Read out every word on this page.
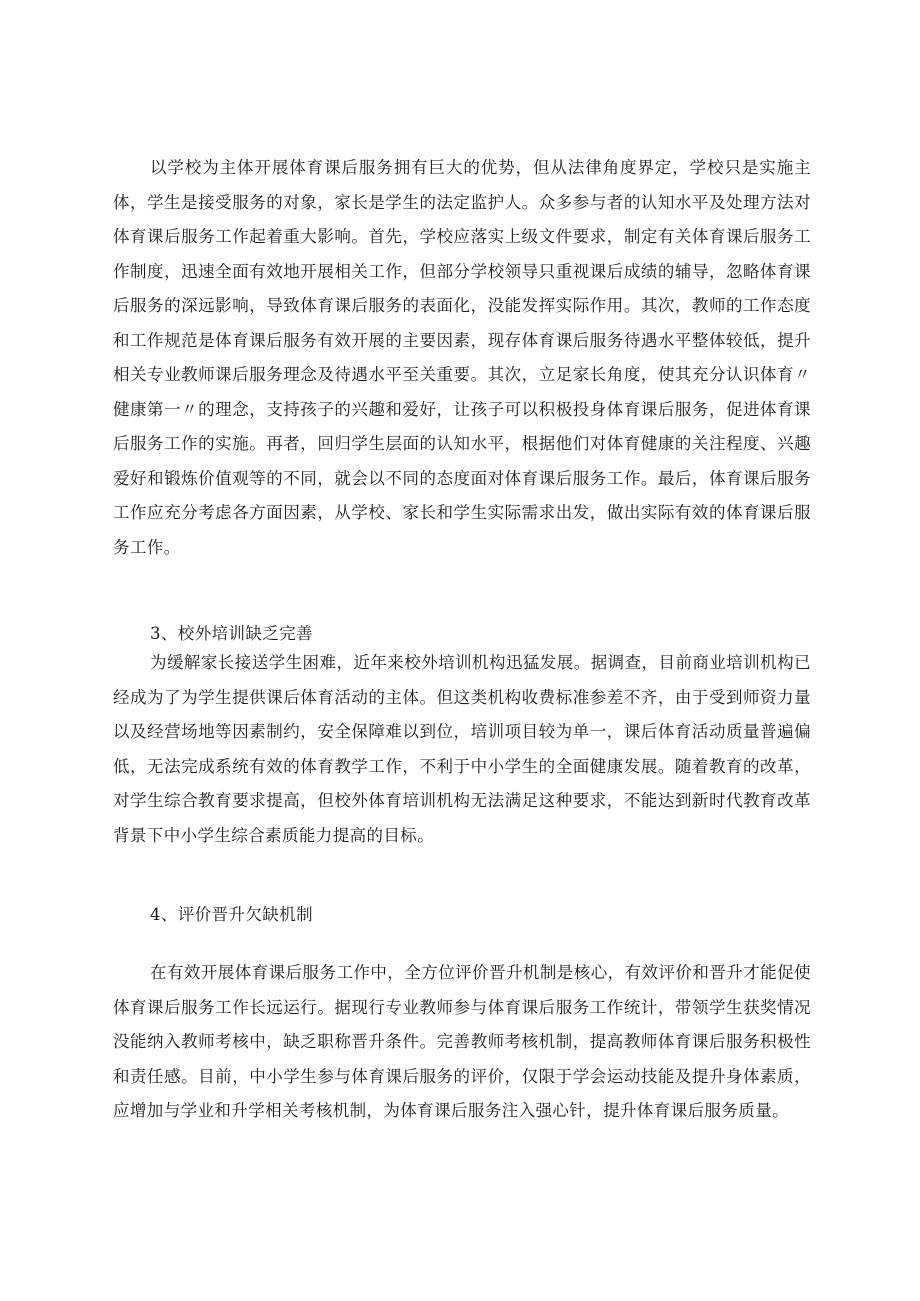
以学校为主体开展体育课后服务拥有巨大的优势，但从法律角度界定，学校只是实施主体，学生是接受服务的对象，家长是学生的法定监护人。众多参与者的认知水平及处理方法对体育课后服务工作起着重大影响。首先，学校应落实上级文件要求，制定有关体育课后服务工作制度，迅速全面有效地开展相关工作，但部分学校领导只重视课后成绩的辅导，忽略体育课后服务的深远影响，导致体育课后服务的表面化，没能发挥实际作用。其次，教师的工作态度和工作规范是体育课后服务有效开展的主要因素，现存体育课后服务待遇水平整体较低，提升相关专业教师课后服务理念及待遇水平至关重要。其次，立足家长角度，使其充分认识体育〃健康第一〃的理念，支持孩子的兴趣和爱好，让孩子可以积极投身体育课后服务，促进体育课后服务工作的实施。再者，回归学生层面的认知水平，根据他们对体育健康的关注程度、兴趣爱好和锻炼价值观等的不同，就会以不同的态度面对体育课后服务工作。最后，体育课后服务工作应充分考虑各方面因素，从学校、家长和学生实际需求出发，做出实际有效的体育课后服务工作。

3、校外培训缺乏完善

为缓解家长接送学生困难，近年来校外培训机构迅猛发展。据调查，目前商业培训机构已经成为了为学生提供课后体育活动的主体。但这类机构收费标准参差不齐，由于受到师资力量以及经营场地等因素制约，安全保障难以到位，培训项目较为单一，课后体育活动质量普遍偏低，无法完成系统有效的体育教学工作，不利于中小学生的全面健康发展。随着教育的改革，对学生综合教育要求提高，但校外体育培训机构无法满足这种要求，不能达到新时代教育改革背景下中小学生综合素质能力提高的目标。

4、评价晋升欠缺机制

在有效开展体育课后服务工作中，全方位评价晋升机制是核心，有效评价和晋升才能促使体育课后服务工作长远运行。据现行专业教师参与体育课后服务工作统计，带领学生获奖情况没能纳入教师考核中，缺乏职称晋升条件。完善教师考核机制，提高教师体育课后服务积极性和责任感。目前，中小学生参与体育课后服务的评价，仅限于学会运动技能及提升身体素质，应增加与学业和升学相关考核机制，为体育课后服务注入强心针，提升体育课后服务质量。
